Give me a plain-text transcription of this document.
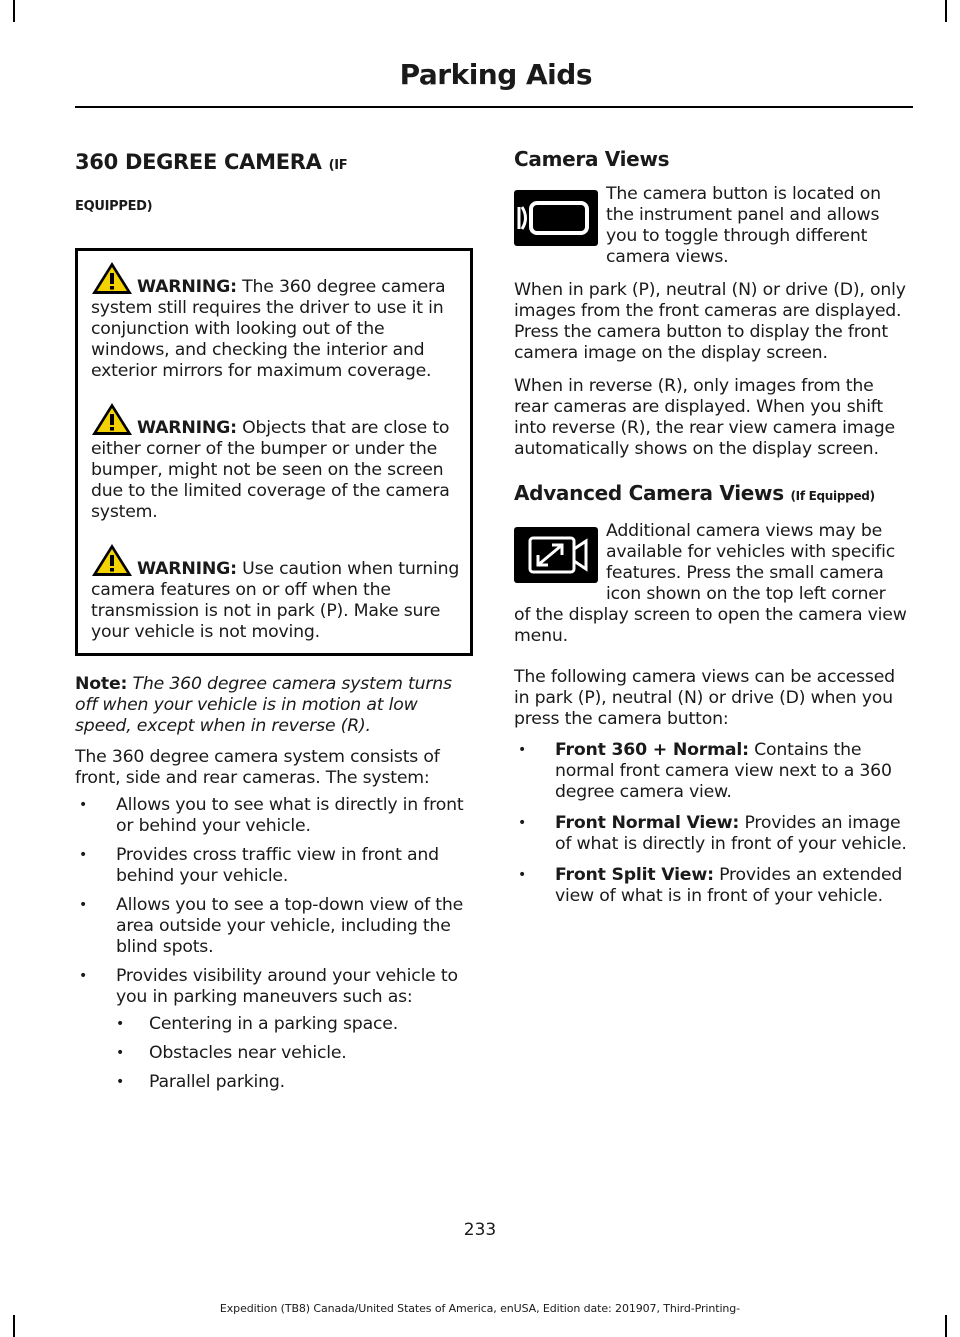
Parking Aids

360 DEGREE CAMERA (IF

EQUIPPED)

WARNING: The 360 degree camera system still requires the driver to use it in conjunction with looking out of the windows, and checking the interior and exterior mirrors for maximum coverage.

WARNING: Objects that are close to either corner of the bumper or under the bumper, might not be seen on the screen due to the limited coverage of the camera system.

WARNING: Use caution when turning camera features on or off when the transmission is not in park (P). Make sure your vehicle is not moving.

Note: The 360 degree camera system turns off when your vehicle is in motion at low speed, except when in reverse (R).

The 360 degree camera system consists of front, side and rear cameras. The system:

• Allows you to see what is directly in front or behind your vehicle.
• Provides cross traffic view in front and behind your vehicle.
• Allows you to see a top-down view of the area outside your vehicle, including the blind spots.
• Provides visibility around your vehicle to you in parking maneuvers such as:
• Centering in a parking space.
• Obstacles near vehicle.
• Parallel parking.

Camera Views

The camera button is located on the instrument panel and allows you to toggle through different camera views.

When in park (P), neutral (N) or drive (D), only images from the front cameras are displayed. Press the camera button to display the front camera image on the display screen.

When in reverse (R), only images from the rear cameras are displayed. When you shift into reverse (R), the rear view camera image automatically shows on the display screen.

Advanced Camera Views (If Equipped)

Additional camera views may be available for vehicles with specific features. Press the small camera icon shown on the top left corner of the display screen to open the camera view menu.

The following camera views can be accessed in park (P), neutral (N) or drive (D) when you press the camera button:

• Front 360 + Normal: Contains the normal front camera view next to a 360 degree camera view.
• Front Normal View: Provides an image of what is directly in front of your vehicle.
• Front Split View: Provides an extended view of what is in front of your vehicle.
233
Expedition (TB8) Canada/United States of America, enUSA, Edition date: 201907, Third-Printing-
